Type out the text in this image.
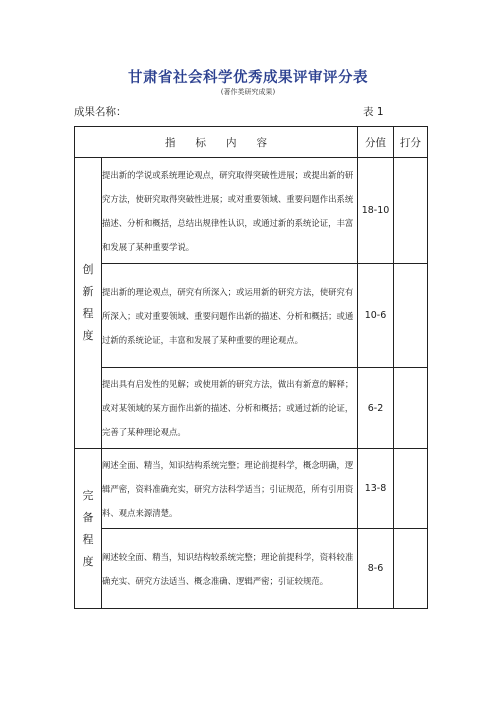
甘肃省社会科学优秀成果评审评分表
(著作类研究成果)
成果名称：	表 1
指标内容		分值	打分
创
新
程
度	提出新的学说或系统理论观点，研究取得突破性进展；或提出新的研究方法，使研究取得突破性进展；或对重要领域、重要问题作出系统描述、分析和概括，总结出规律性认识，或通过新的系统论证，丰富和发展了某种重要学说。	18-10	
	提出新的理论观点，研究有所深入；或运用新的研究方法，使研究有所深入；或对重要领域、重要问题作出新的描述、分析和概括；或通过新的系统论证，丰富和发展了某种重要的理论观点。	10-6	
	提出具有启发性的见解；或使用新的研究方法，做出有新意的解释；或对某领域的某方面作出新的描述、分析和概括；或通过新的论证，完善了某种理论观点。	6-2	
完
备
程
度	阐述全面、精当，知识结构系统完整；理论前提科学，概念明确，逻辑严密，资料准确充实，研究方法科学适当；引证规范，所有引用资料、观点来源清楚。	13-8	
	阐述较全面、精当，知识结构较系统完整；理论前提科学，资料较准确充实、研究方法适当、概念准确、逻辑严密；引证较规范。	8-6	
